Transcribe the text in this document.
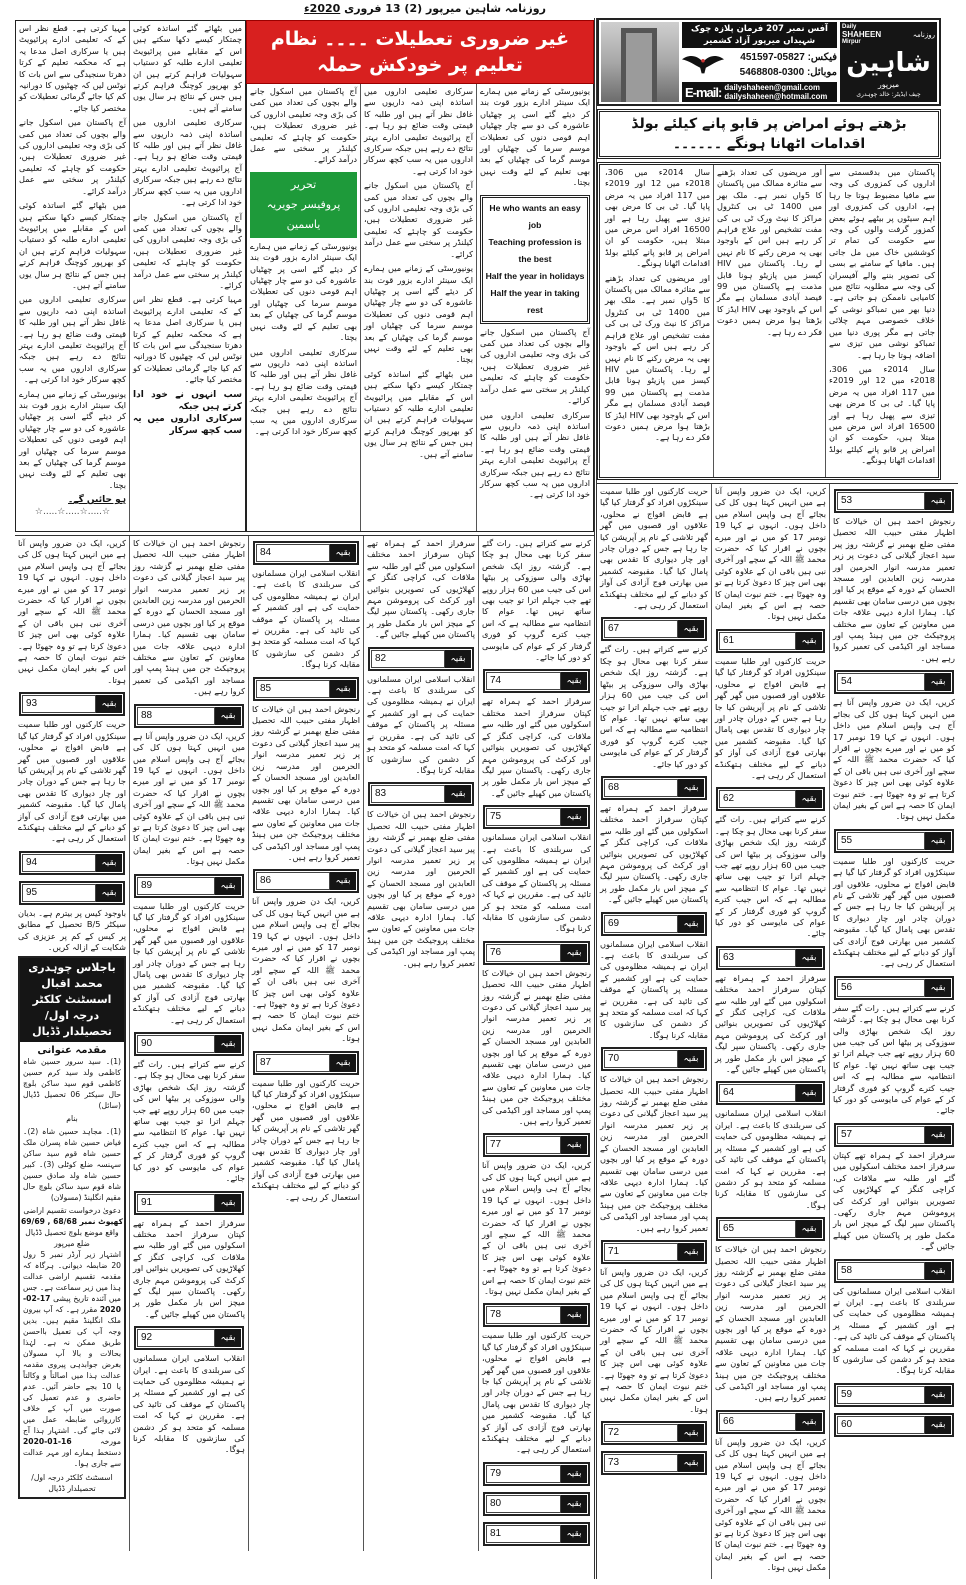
روزنامہ شاہین میرپور (2) 13 فروری 2020ء

میں بٹھائے گئے اساتذہ کوئی چمتکار کیسے دکھا سکتے ہیں اس کے مقابلے میں پرائیویٹ تعلیمی ادارے طلبہ کو دستیاب سہولیات فراہم کرتے ہیں ان کو بھرپور کوچنگ فراہم کرتے ہیں جس کے نتائج ہر سال یوں سامنے آتے ہیں۔

سرکاری تعلیمی اداروں میں اساتذہ اپنی ذمہ داریوں سے غافل نظر آتے ہیں اور طلبہ کا قیمتی وقت ضائع ہو رہا ہے۔ آج پرائیویٹ تعلیمی ادارے بہتر نتائج دے رہے ہیں جبکہ سرکاری اداروں میں یہ سب کچھ سرکار خود ادا کرتی ہے۔

آج پاکستان میں اسکول جانے والے بچوں کی تعداد میں کمی کی بڑی وجہ تعلیمی اداروں کی غیر ضروری تعطیلات ہیں، حکومت کو چاہئے کہ تعلیمی کیلنڈر پر سختی سے عمل درآمد کرائے۔

مہیا کرتی ہے۔ قطع نظر اس کے کہ تعلیمی ادارے پرائیویٹ ہیں یا سرکاری اصل مدعا یہ ہے کہ محکمہ تعلیم کے کرتا دھرتا سنجیدگی سے اس بات کا نوٹس لیں کہ چھٹیوں کا دورانیہ کم کیا جائے گرمائی تعطیلات کو مختصر کیا جائے۔

سب انہوں نے خود ادا کرتے ہیں جبکہ
سرکاری اداروں میں یہ سب کچھ سرکار

مہیا کرتی ہے۔ قطع نظر اس کے کہ تعلیمی ادارے پرائیویٹ ہیں یا سرکاری اصل مدعا یہ ہے کہ محکمہ تعلیم کے کرتا دھرتا سنجیدگی سے اس بات کا نوٹس لیں کہ چھٹیوں کا دورانیہ کم کیا جائے گرمائی تعطیلات کو مختصر کیا جائے۔

آج پاکستان میں اسکول جانے والے بچوں کی تعداد میں کمی کی بڑی وجہ تعلیمی اداروں کی غیر ضروری تعطیلات ہیں، حکومت کو چاہئے کہ تعلیمی کیلنڈر پر سختی سے عمل درآمد کرائے۔

میں بٹھائے گئے اساتذہ کوئی چمتکار کیسے دکھا سکتے ہیں اس کے مقابلے میں پرائیویٹ تعلیمی ادارے طلبہ کو دستیاب سہولیات فراہم کرتے ہیں ان کو بھرپور کوچنگ فراہم کرتے ہیں جس کے نتائج ہر سال یوں سامنے آتے ہیں۔

سرکاری تعلیمی اداروں میں اساتذہ اپنی ذمہ داریوں سے غافل نظر آتے ہیں اور طلبہ کا قیمتی وقت ضائع ہو رہا ہے۔ آج پرائیویٹ تعلیمی ادارے بہتر نتائج دے رہے ہیں جبکہ سرکاری اداروں میں یہ سب کچھ سرکار خود ادا کرتی ہے۔

یونیورسٹی کے زمانے میں ہمارے ایک سینئر ادارے بزور قوت بند کر دیئے گئے اسی پر چھٹیاں عاشورہ کی دو سے چار چھٹیاں اہم قومی دنوں کی تعطیلات موسم سرما کی چھٹیاں اور موسم گرما کی چھٹیاں کے بعد بھی تعلیم کے لئے وقت نہیں بچتا۔

ہو جائیں گے۔
☆.....☆.....☆.....☆
غیر ضروری تعطیلات ۔۔۔۔ نظام تعلیم پر خودکش حملہ

یونیورسٹی کے زمانے میں ہمارے ایک سینئر ادارے بزور قوت بند کر دیئے گئے اسی پر چھٹیاں عاشورہ کی دو سے چار چھٹیاں اہم قومی دنوں کی تعطیلات موسم سرما کی چھٹیاں اور موسم گرما کی چھٹیاں کے بعد بھی تعلیم کے لئے وقت نہیں بچتا۔

He who wants an easy job
Teaching profession is the best
Half the year in holidays
Half the year in taking rest

آج پاکستان میں اسکول جانے والے بچوں کی تعداد میں کمی کی بڑی وجہ تعلیمی اداروں کی غیر ضروری تعطیلات ہیں، حکومت کو چاہئے کہ تعلیمی کیلنڈر پر سختی سے عمل درآمد کرائے۔

سرکاری تعلیمی اداروں میں اساتذہ اپنی ذمہ داریوں سے غافل نظر آتے ہیں اور طلبہ کا قیمتی وقت ضائع ہو رہا ہے۔ آج پرائیویٹ تعلیمی ادارے بہتر نتائج دے رہے ہیں جبکہ سرکاری اداروں میں یہ سب کچھ سرکار خود ادا کرتی ہے۔

سرکاری تعلیمی اداروں میں اساتذہ اپنی ذمہ داریوں سے غافل نظر آتے ہیں اور طلبہ کا قیمتی وقت ضائع ہو رہا ہے۔ آج پرائیویٹ تعلیمی ادارے بہتر نتائج دے رہے ہیں جبکہ سرکاری اداروں میں یہ سب کچھ سرکار خود ادا کرتی ہے۔

آج پاکستان میں اسکول جانے والے بچوں کی تعداد میں کمی کی بڑی وجہ تعلیمی اداروں کی غیر ضروری تعطیلات ہیں، حکومت کو چاہئے کہ تعلیمی کیلنڈر پر سختی سے عمل درآمد کرائے۔

یونیورسٹی کے زمانے میں ہمارے ایک سینئر ادارے بزور قوت بند کر دیئے گئے اسی پر چھٹیاں عاشورہ کی دو سے چار چھٹیاں اہم قومی دنوں کی تعطیلات موسم سرما کی چھٹیاں اور موسم گرما کی چھٹیاں کے بعد بھی تعلیم کے لئے وقت نہیں بچتا۔

میں بٹھائے گئے اساتذہ کوئی چمتکار کیسے دکھا سکتے ہیں اس کے مقابلے میں پرائیویٹ تعلیمی ادارے طلبہ کو دستیاب سہولیات فراہم کرتے ہیں ان کو بھرپور کوچنگ فراہم کرتے ہیں جس کے نتائج ہر سال یوں سامنے آتے ہیں۔

آج پاکستان میں اسکول جانے والے بچوں کی تعداد میں کمی کی بڑی وجہ تعلیمی اداروں کی غیر ضروری تعطیلات ہیں، حکومت کو چاہئے کہ تعلیمی کیلنڈر پر سختی سے عمل درآمد کرائے۔

تحریر
پروفیسر جویریہ یاسمین

یونیورسٹی کے زمانے میں ہمارے ایک سینئر ادارے بزور قوت بند کر دیئے گئے اسی پر چھٹیاں عاشورہ کی دو سے چار چھٹیاں اہم قومی دنوں کی تعطیلات موسم سرما کی چھٹیاں اور موسم گرما کی چھٹیاں کے بعد بھی تعلیم کے لئے وقت نہیں بچتا۔

سرکاری تعلیمی اداروں میں اساتذہ اپنی ذمہ داریوں سے غافل نظر آتے ہیں اور طلبہ کا قیمتی وقت ضائع ہو رہا ہے۔ آج پرائیویٹ تعلیمی ادارے بہتر نتائج دے رہے ہیں جبکہ سرکاری اداروں میں یہ سب کچھ سرکار خود ادا کرتی ہے۔

کرنے سے کتراتے ہیں۔ رات گئے سفر کرنا بھی محال ہو چکا ہے۔ گزشتہ روز ایک شخص بھاڑی والی سوزوکی پر بیٹھا اس کی جیب میں 60 ہزار روپے تھے جب جہلم اترا تو جیب بھی ساتھ نہیں تھا۔ عوام کا انتظامیہ سے مطالبہ ہے کہ اس جیب کترے گروپ کو فوری گرفتار کر کے عوام کی مایوسی کو دور کیا جائے۔

74	بقیہ

سرفراز احمد کے ہمراہ تھے کپتان سرفراز احمد مختلف اسکولوں میں گئے اور طلبہ سے ملاقات کی، کراچی کنگز کے کھلاڑیوں کی تصویریں بنوائیں اور کرکٹ کی پروموشن مہم جاری رکھی۔ پاکستان سپر لیگ کے میچز اس بار مکمل طور پر پاکستان میں کھیلے جائیں گے۔

75	بقیہ

انقلاب اسلامی ایران مسلمانوں کی سربلندی کا باعث ہے۔ ایران نے ہمیشہ مظلوموں کی حمایت کی ہے اور کشمیر کے مسئلہ پر پاکستان کے موقف کی تائید کی ہے۔ مقررین نے کہا کہ امت مسلمہ کو متحد ہو کر دشمن کی سازشوں کا مقابلہ کرنا ہوگا۔

76	بقیہ

رنجوش احمد ہیں ان خیالات کا اظہار مفتی حبیب اللہ تحصیل مفتی ضلع بھمبر نے گزشتہ روز پیر سید اعجاز گیلانی کی دعوت پر زیر تعمیر مدرسہ انوار الحرمین اور مدرسہ زین العابدین اور مسجد الحسان کے دورہ کے موقع پر کیا اور بچوں میں درسی سامان بھی تقسیم کیا۔ ہمارا ادارہ دیہی علاقہ جات میں معاونین کے تعاون سے مختلف پروجیکٹ جن میں ہینڈ پمپ اور مساجد اور اکیڈمی کی تعمیر کروا رہے ہیں۔

77	بقیہ

کریں، ایک دن ضرور واپس آنا ہے میں انہیں کہتا ہوں کل کی بجائے آج ہی واپس اسلام میں داخل ہوں۔ انہوں نے کہا 19 نومبر 17 کو میں نے اور میرے بچوں نے اقرار کیا کہ حضرت محمد ﷺ اللہ کے سچے اور آخری نبی ہیں باقی ان کے علاوہ کوئی بھی اس چیز کا دعویٰ کرتا ہے تو وہ جھوٹا ہے۔ ختم نبوت ایمان کا حصہ ہے اس کے بغیر ایمان مکمل نہیں ہوتا۔

78	بقیہ

حریت کارکنوں اور طلبا سمیت سینکڑوں افراد کو گرفتار کیا گیا ہے قابض افواج نے محلوں، علاقوں اور قصبوں میں گھر گھر تلاشی کے نام پر آپریشن کیا جا رہا ہے جس کے دوران چادر اور چار دیواری کا تقدس بھی پامال کیا گیا۔ مقبوضہ کشمیر میں بھارتی فوج آزادی کی آواز کو دبانے کے لیے مختلف ہتھکنڈے استعمال کر رہی ہے۔

79	بقیہ
80	بقیہ
81	بقیہ

سرفراز احمد کے ہمراہ تھے کپتان سرفراز احمد مختلف اسکولوں میں گئے اور طلبہ سے ملاقات کی، کراچی کنگز کے کھلاڑیوں کی تصویریں بنوائیں اور کرکٹ کی پروموشن مہم جاری رکھی۔ پاکستان سپر لیگ کے میچز اس بار مکمل طور پر پاکستان میں کھیلے جائیں گے۔

82	بقیہ

انقلاب اسلامی ایران مسلمانوں کی سربلندی کا باعث ہے۔ ایران نے ہمیشہ مظلوموں کی حمایت کی ہے اور کشمیر کے مسئلہ پر پاکستان کے موقف کی تائید کی ہے۔ مقررین نے کہا کہ امت مسلمہ کو متحد ہو کر دشمن کی سازشوں کا مقابلہ کرنا ہوگا۔

83	بقیہ

رنجوش احمد ہیں ان خیالات کا اظہار مفتی حبیب اللہ تحصیل مفتی ضلع بھمبر نے گزشتہ روز پیر سید اعجاز گیلانی کی دعوت پر زیر تعمیر مدرسہ انوار الحرمین اور مدرسہ زین العابدین اور مسجد الحسان کے دورہ کے موقع پر کیا اور بچوں میں درسی سامان بھی تقسیم کیا۔ ہمارا ادارہ دیہی علاقہ جات میں معاونین کے تعاون سے مختلف پروجیکٹ جن میں ہینڈ پمپ اور مساجد اور اکیڈمی کی تعمیر کروا رہے ہیں۔

84	بقیہ

انقلاب اسلامی ایران مسلمانوں کی سربلندی کا باعث ہے۔ ایران نے ہمیشہ مظلوموں کی حمایت کی ہے اور کشمیر کے مسئلہ پر پاکستان کے موقف کی تائید کی ہے۔ مقررین نے کہا کہ امت مسلمہ کو متحد ہو کر دشمن کی سازشوں کا مقابلہ کرنا ہوگا۔

85	بقیہ

رنجوش احمد ہیں ان خیالات کا اظہار مفتی حبیب اللہ تحصیل مفتی ضلع بھمبر نے گزشتہ روز پیر سید اعجاز گیلانی کی دعوت پر زیر تعمیر مدرسہ انوار الحرمین اور مدرسہ زین العابدین اور مسجد الحسان کے دورہ کے موقع پر کیا اور بچوں میں درسی سامان بھی تقسیم کیا۔ ہمارا ادارہ دیہی علاقہ جات میں معاونین کے تعاون سے مختلف پروجیکٹ جن میں ہینڈ پمپ اور مساجد اور اکیڈمی کی تعمیر کروا رہے ہیں۔

86	بقیہ

کریں، ایک دن ضرور واپس آنا ہے میں انہیں کہتا ہوں کل کی بجائے آج ہی واپس اسلام میں داخل ہوں۔ انہوں نے کہا 19 نومبر 17 کو میں نے اور میرے بچوں نے اقرار کیا کہ حضرت محمد ﷺ اللہ کے سچے اور آخری نبی ہیں باقی ان کے علاوہ کوئی بھی اس چیز کا دعویٰ کرتا ہے تو وہ جھوٹا ہے۔ ختم نبوت ایمان کا حصہ ہے اس کے بغیر ایمان مکمل نہیں ہوتا۔

87	بقیہ

حریت کارکنوں اور طلبا سمیت سینکڑوں افراد کو گرفتار کیا گیا ہے قابض افواج نے محلوں، علاقوں اور قصبوں میں گھر گھر تلاشی کے نام پر آپریشن کیا جا رہا ہے جس کے دوران چادر اور چار دیواری کا تقدس بھی پامال کیا گیا۔ مقبوضہ کشمیر میں بھارتی فوج آزادی کی آواز کو دبانے کے لیے مختلف ہتھکنڈے استعمال کر رہی ہے۔

رنجوش احمد ہیں ان خیالات کا اظہار مفتی حبیب اللہ تحصیل مفتی ضلع بھمبر نے گزشتہ روز پیر سید اعجاز گیلانی کی دعوت پر زیر تعمیر مدرسہ انوار الحرمین اور مدرسہ زین العابدین اور مسجد الحسان کے دورہ کے موقع پر کیا اور بچوں میں درسی سامان بھی تقسیم کیا۔ ہمارا ادارہ دیہی علاقہ جات میں معاونین کے تعاون سے مختلف پروجیکٹ جن میں ہینڈ پمپ اور مساجد اور اکیڈمی کی تعمیر کروا رہے ہیں۔

88	بقیہ

کریں، ایک دن ضرور واپس آنا ہے میں انہیں کہتا ہوں کل کی بجائے آج ہی واپس اسلام میں داخل ہوں۔ انہوں نے کہا 19 نومبر 17 کو میں نے اور میرے بچوں نے اقرار کیا کہ حضرت محمد ﷺ اللہ کے سچے اور آخری نبی ہیں باقی ان کے علاوہ کوئی بھی اس چیز کا دعویٰ کرتا ہے تو وہ جھوٹا ہے۔ ختم نبوت ایمان کا حصہ ہے اس کے بغیر ایمان مکمل نہیں ہوتا۔

89	بقیہ

حریت کارکنوں اور طلبا سمیت سینکڑوں افراد کو گرفتار کیا گیا ہے قابض افواج نے محلوں، علاقوں اور قصبوں میں گھر گھر تلاشی کے نام پر آپریشن کیا جا رہا ہے جس کے دوران چادر اور چار دیواری کا تقدس بھی پامال کیا گیا۔ مقبوضہ کشمیر میں بھارتی فوج آزادی کی آواز کو دبانے کے لیے مختلف ہتھکنڈے استعمال کر رہی ہے۔

90	بقیہ

کرنے سے کتراتے ہیں۔ رات گئے سفر کرنا بھی محال ہو چکا ہے۔ گزشتہ روز ایک شخص بھاڑی والی سوزوکی پر بیٹھا اس کی جیب میں 60 ہزار روپے تھے جب جہلم اترا تو جیب بھی ساتھ نہیں تھا۔ عوام کا انتظامیہ سے مطالبہ ہے کہ اس جیب کترے گروپ کو فوری گرفتار کر کے عوام کی مایوسی کو دور کیا جائے۔

91	بقیہ

سرفراز احمد کے ہمراہ تھے کپتان سرفراز احمد مختلف اسکولوں میں گئے اور طلبہ سے ملاقات کی، کراچی کنگز کے کھلاڑیوں کی تصویریں بنوائیں اور کرکٹ کی پروموشن مہم جاری رکھی۔ پاکستان سپر لیگ کے میچز اس بار مکمل طور پر پاکستان میں کھیلے جائیں گے۔

92	بقیہ

انقلاب اسلامی ایران مسلمانوں کی سربلندی کا باعث ہے۔ ایران نے ہمیشہ مظلوموں کی حمایت کی ہے اور کشمیر کے مسئلہ پر پاکستان کے موقف کی تائید کی ہے۔ مقررین نے کہا کہ امت مسلمہ کو متحد ہو کر دشمن کی سازشوں کا مقابلہ کرنا ہوگا۔

کریں، ایک دن ضرور واپس آنا ہے میں انہیں کہتا ہوں کل کی بجائے آج ہی واپس اسلام میں داخل ہوں۔ انہوں نے کہا 19 نومبر 17 کو میں نے اور میرے بچوں نے اقرار کیا کہ حضرت محمد ﷺ اللہ کے سچے اور آخری نبی ہیں باقی ان کے علاوہ کوئی بھی اس چیز کا دعویٰ کرتا ہے تو وہ جھوٹا ہے۔ ختم نبوت ایمان کا حصہ ہے اس کے بغیر ایمان مکمل نہیں ہوتا۔

93	بقیہ

حریت کارکنوں اور طلبا سمیت سینکڑوں افراد کو گرفتار کیا گیا ہے قابض افواج نے محلوں، علاقوں اور قصبوں میں گھر گھر تلاشی کے نام پر آپریشن کیا جا رہا ہے جس کے دوران چادر اور چار دیواری کا تقدس بھی پامال کیا گیا۔ مقبوضہ کشمیر میں بھارتی فوج آزادی کی آواز کو دبانے کے لیے مختلف ہتھکنڈے استعمال کر رہی ہے۔

94	بقیہ
95	بقیہ
باوجود کیس پر بیترم ہے۔ بدیان سیکٹر B/5 تحصیل کے مطابق پر کیس کے کم پر عزیزی کی شکایت کے ازالہ کریں۔
باجلاس چوہدری محمد اقبال اسسٹنٹ کلکٹر درجہ اول/تحصیلدار ڈڈیال
مقدمہ عنوانی
(1)۔ سید سرور حسین شاہ کاظمی ولد سید کرم حسین کاظمی قوم سید ساکن بلوچ حال سیکٹر 06 تحصیل ڈڈیال (سائل)
بنام
(1)۔ مجاہد حسین شاہ (2)۔ فیاض حسین شاہ پسران ملک حسین شاہ قوم سید ساکن سہنسہ ضلع کوٹلی (3)۔ کبیر حسین شاہ ولد صادق حسین شاہ قوم سید ساکن بلوچ حال مقیم انگلینڈ (مسولان)
دعویٰ درخواست تقسیم اراضی
کھیوٹ نمبر 68/68 , 69/69
واقع موضع بلوچ تحصیل ڈڈیال ضلع میرپور
اشتہار زیر آرڈر نمبر 5 رول 20 ضابطہ دیوانی۔ ہرگاہ کہ مقدمہ تقسیم اراضی عدالت ہذا میں زیر سماعت ہے۔ جس میں آئندہ تاریخ پیشی 17-02-2020 مقرر ہے۔ کہ آپ بیرون ملک انگلینڈ مقیم ہیں۔ بدیں وجہ آپ کی تعمیل بااحسن طریق ممکن نہ ہے۔ لہٰذا بحالات و بالا آپ مسولان بغرض جوابدہی پیروی مقدمہ عدالت ہذا میں اصالتاً و وکالتاً یا 10 بجے حاضر آئیں۔ عدم حاضری و عدم تعمیل کی صورت میں آپ کے خلاف کارروائی ضابطہ عمل میں لائی جائے گی۔ اشتہار ہذا آج مورخہ 16-01-2020 دستخط ہمارے اور مہر عدالت سے جاری ہوا۔
اسسٹنٹ کلکٹر درجہ اول/تحصیلدار ڈڈیال
آفس نمبر 207 فرمان پلازہ چوک شہیداں میرپور آزاد کشمیر
فیکس: 05827-451597
موبائل: 0300-5468808
E-mail: dailyshaheen@gmail.com
dailyshaheen@hotmail.com
Daily
SHAHEEN
Mirpur
روزنامہ
شاہین
میرپور
چیف ایڈیٹر: خالد چوہدری
بڑھتے ہوئے امراض پر قابو پانے کیلئے بولڈ اقدامات اٹھانا ہونگے ۔۔۔۔۔۔

پاکستان میں بدقسمتی سے اداروں کی کمزوری کی وجہ سے مافیا مضبوط ہوتا جا رہا ہے، اداروں کی کمزوری اور اہم سیٹوں پر بیٹھے ہوئے بعض کمزور گرفت والوں کی وجہ سے حکومت کی تمام تر کوششیں خاک میں مل جاتی ہیں۔ مافیا کے سامنے بے بسی کی تصویر بننے والے آفیسران کی وجہ سے مطلوبہ نتائج میں کامیابی ناممکن ہو جاتی ہے۔ دنیا بھر میں تمباکو نوشی کے خلاف خصوصی مہم چلائی جاتی ہے مگر پوری دنیا میں تمباکو نوشی میں تیزی سے اضافہ ہوتا جا رہا ہے۔

سال 2014ء میں 306، 2018ء میں 12 اور 2019ء میں 117 افراد میں یہ مرض پایا گیا۔ ٹی بی کا مرض بھی تیزی سے پھیل رہا ہے اور 16500 افراد اس مرض میں مبتلا ہیں، حکومت کو ان امراض پر قابو پانے کیلئے بولڈ اقدامات اٹھانا ہونگے۔

اور مریضوں کی تعداد بڑھنے سے متاثرہ ممالک میں پاکستان کا 5واں نمبر ہے۔ ملک بھر میں 1400 ٹی بی کنٹرول مراکز کا نیٹ ورک ٹی بی کی مفت تشخیص اور علاج فراہم کر رہے ہیں اس کے باوجود بھی یہ مرض رکنے کا نام نہیں لے رہا۔ پاکستان میں HIV کیسز میں پازیٹو ہونا قابل مذمت ہے پاکستان میں 99 فیصد آبادی مسلمان ہے مگر اس کے باوجود بھی HIV ایڈز کا بڑھتا ہوا مرض ہمیں دعوت فکر دے رہا ہے۔

سال 2014ء میں 306، 2018ء میں 12 اور 2019ء میں 117 افراد میں یہ مرض پایا گیا۔ ٹی بی کا مرض بھی تیزی سے پھیل رہا ہے اور 16500 افراد اس مرض میں مبتلا ہیں، حکومت کو ان امراض پر قابو پانے کیلئے بولڈ اقدامات اٹھانا ہونگے۔

اور مریضوں کی تعداد بڑھنے سے متاثرہ ممالک میں پاکستان کا 5واں نمبر ہے۔ ملک بھر میں 1400 ٹی بی کنٹرول مراکز کا نیٹ ورک ٹی بی کی مفت تشخیص اور علاج فراہم کر رہے ہیں اس کے باوجود بھی یہ مرض رکنے کا نام نہیں لے رہا۔ پاکستان میں HIV کیسز میں پازیٹو ہونا قابل مذمت ہے پاکستان میں 99 فیصد آبادی مسلمان ہے مگر اس کے باوجود بھی HIV ایڈز کا بڑھتا ہوا مرض ہمیں دعوت فکر دے رہا ہے۔

53	بقیہ

رنجوش احمد ہیں ان خیالات کا اظہار مفتی حبیب اللہ تحصیل مفتی ضلع بھمبر نے گزشتہ روز پیر سید اعجاز گیلانی کی دعوت پر زیر تعمیر مدرسہ انوار الحرمین اور مدرسہ زین العابدین اور مسجد الحسان کے دورہ کے موقع پر کیا اور بچوں میں درسی سامان بھی تقسیم کیا۔ ہمارا ادارہ دیہی علاقہ جات میں معاونین کے تعاون سے مختلف پروجیکٹ جن میں ہینڈ پمپ اور مساجد اور اکیڈمی کی تعمیر کروا رہے ہیں۔

54	بقیہ

کریں، ایک دن ضرور واپس آنا ہے میں انہیں کہتا ہوں کل کی بجائے آج ہی واپس اسلام میں داخل ہوں۔ انہوں نے کہا 19 نومبر 17 کو میں نے اور میرے بچوں نے اقرار کیا کہ حضرت محمد ﷺ اللہ کے سچے اور آخری نبی ہیں باقی ان کے علاوہ کوئی بھی اس چیز کا دعویٰ کرتا ہے تو وہ جھوٹا ہے۔ ختم نبوت ایمان کا حصہ ہے اس کے بغیر ایمان مکمل نہیں ہوتا۔

55	بقیہ

حریت کارکنوں اور طلبا سمیت سینکڑوں افراد کو گرفتار کیا گیا ہے قابض افواج نے محلوں، علاقوں اور قصبوں میں گھر گھر تلاشی کے نام پر آپریشن کیا جا رہا ہے جس کے دوران چادر اور چار دیواری کا تقدس بھی پامال کیا گیا۔ مقبوضہ کشمیر میں بھارتی فوج آزادی کی آواز کو دبانے کے لیے مختلف ہتھکنڈے استعمال کر رہی ہے۔

56	بقیہ

کرنے سے کتراتے ہیں۔ رات گئے سفر کرنا بھی محال ہو چکا ہے۔ گزشتہ روز ایک شخص بھاڑی والی سوزوکی پر بیٹھا اس کی جیب میں 60 ہزار روپے تھے جب جہلم اترا تو جیب بھی ساتھ نہیں تھا۔ عوام کا انتظامیہ سے مطالبہ ہے کہ اس جیب کترے گروپ کو فوری گرفتار کر کے عوام کی مایوسی کو دور کیا جائے۔

57	بقیہ

سرفراز احمد کے ہمراہ تھے کپتان سرفراز احمد مختلف اسکولوں میں گئے اور طلبہ سے ملاقات کی، کراچی کنگز کے کھلاڑیوں کی تصویریں بنوائیں اور کرکٹ کی پروموشن مہم جاری رکھی۔ پاکستان سپر لیگ کے میچز اس بار مکمل طور پر پاکستان میں کھیلے جائیں گے۔

58	بقیہ

انقلاب اسلامی ایران مسلمانوں کی سربلندی کا باعث ہے۔ ایران نے ہمیشہ مظلوموں کی حمایت کی ہے اور کشمیر کے مسئلہ پر پاکستان کے موقف کی تائید کی ہے۔ مقررین نے کہا کہ امت مسلمہ کو متحد ہو کر دشمن کی سازشوں کا مقابلہ کرنا ہوگا۔

59	بقیہ
60	بقیہ

کریں، ایک دن ضرور واپس آنا ہے میں انہیں کہتا ہوں کل کی بجائے آج ہی واپس اسلام میں داخل ہوں۔ انہوں نے کہا 19 نومبر 17 کو میں نے اور میرے بچوں نے اقرار کیا کہ حضرت محمد ﷺ اللہ کے سچے اور آخری نبی ہیں باقی ان کے علاوہ کوئی بھی اس چیز کا دعویٰ کرتا ہے تو وہ جھوٹا ہے۔ ختم نبوت ایمان کا حصہ ہے اس کے بغیر ایمان مکمل نہیں ہوتا۔

61	بقیہ

حریت کارکنوں اور طلبا سمیت سینکڑوں افراد کو گرفتار کیا گیا ہے قابض افواج نے محلوں، علاقوں اور قصبوں میں گھر گھر تلاشی کے نام پر آپریشن کیا جا رہا ہے جس کے دوران چادر اور چار دیواری کا تقدس بھی پامال کیا گیا۔ مقبوضہ کشمیر میں بھارتی فوج آزادی کی آواز کو دبانے کے لیے مختلف ہتھکنڈے استعمال کر رہی ہے۔

62	بقیہ

کرنے سے کتراتے ہیں۔ رات گئے سفر کرنا بھی محال ہو چکا ہے۔ گزشتہ روز ایک شخص بھاڑی والی سوزوکی پر بیٹھا اس کی جیب میں 60 ہزار روپے تھے جب جہلم اترا تو جیب بھی ساتھ نہیں تھا۔ عوام کا انتظامیہ سے مطالبہ ہے کہ اس جیب کترے گروپ کو فوری گرفتار کر کے عوام کی مایوسی کو دور کیا جائے۔

63	بقیہ

سرفراز احمد کے ہمراہ تھے کپتان سرفراز احمد مختلف اسکولوں میں گئے اور طلبہ سے ملاقات کی، کراچی کنگز کے کھلاڑیوں کی تصویریں بنوائیں اور کرکٹ کی پروموشن مہم جاری رکھی۔ پاکستان سپر لیگ کے میچز اس بار مکمل طور پر پاکستان میں کھیلے جائیں گے۔

64	بقیہ

انقلاب اسلامی ایران مسلمانوں کی سربلندی کا باعث ہے۔ ایران نے ہمیشہ مظلوموں کی حمایت کی ہے اور کشمیر کے مسئلہ پر پاکستان کے موقف کی تائید کی ہے۔ مقررین نے کہا کہ امت مسلمہ کو متحد ہو کر دشمن کی سازشوں کا مقابلہ کرنا ہوگا۔

65	بقیہ

رنجوش احمد ہیں ان خیالات کا اظہار مفتی حبیب اللہ تحصیل مفتی ضلع بھمبر نے گزشتہ روز پیر سید اعجاز گیلانی کی دعوت پر زیر تعمیر مدرسہ انوار الحرمین اور مدرسہ زین العابدین اور مسجد الحسان کے دورہ کے موقع پر کیا اور بچوں میں درسی سامان بھی تقسیم کیا۔ ہمارا ادارہ دیہی علاقہ جات میں معاونین کے تعاون سے مختلف پروجیکٹ جن میں ہینڈ پمپ اور مساجد اور اکیڈمی کی تعمیر کروا رہے ہیں۔

66	بقیہ

کریں، ایک دن ضرور واپس آنا ہے میں انہیں کہتا ہوں کل کی بجائے آج ہی واپس اسلام میں داخل ہوں۔ انہوں نے کہا 19 نومبر 17 کو میں نے اور میرے بچوں نے اقرار کیا کہ حضرت محمد ﷺ اللہ کے سچے اور آخری نبی ہیں باقی ان کے علاوہ کوئی بھی اس چیز کا دعویٰ کرتا ہے تو وہ جھوٹا ہے۔ ختم نبوت ایمان کا حصہ ہے اس کے بغیر ایمان مکمل نہیں ہوتا۔

حریت کارکنوں اور طلبا سمیت سینکڑوں افراد کو گرفتار کیا گیا ہے قابض افواج نے محلوں، علاقوں اور قصبوں میں گھر گھر تلاشی کے نام پر آپریشن کیا جا رہا ہے جس کے دوران چادر اور چار دیواری کا تقدس بھی پامال کیا گیا۔ مقبوضہ کشمیر میں بھارتی فوج آزادی کی آواز کو دبانے کے لیے مختلف ہتھکنڈے استعمال کر رہی ہے۔

67	بقیہ

کرنے سے کتراتے ہیں۔ رات گئے سفر کرنا بھی محال ہو چکا ہے۔ گزشتہ روز ایک شخص بھاڑی والی سوزوکی پر بیٹھا اس کی جیب میں 60 ہزار روپے تھے جب جہلم اترا تو جیب بھی ساتھ نہیں تھا۔ عوام کا انتظامیہ سے مطالبہ ہے کہ اس جیب کترے گروپ کو فوری گرفتار کر کے عوام کی مایوسی کو دور کیا جائے۔

68	بقیہ

سرفراز احمد کے ہمراہ تھے کپتان سرفراز احمد مختلف اسکولوں میں گئے اور طلبہ سے ملاقات کی، کراچی کنگز کے کھلاڑیوں کی تصویریں بنوائیں اور کرکٹ کی پروموشن مہم جاری رکھی۔ پاکستان سپر لیگ کے میچز اس بار مکمل طور پر پاکستان میں کھیلے جائیں گے۔

69	بقیہ

انقلاب اسلامی ایران مسلمانوں کی سربلندی کا باعث ہے۔ ایران نے ہمیشہ مظلوموں کی حمایت کی ہے اور کشمیر کے مسئلہ پر پاکستان کے موقف کی تائید کی ہے۔ مقررین نے کہا کہ امت مسلمہ کو متحد ہو کر دشمن کی سازشوں کا مقابلہ کرنا ہوگا۔

70	بقیہ

رنجوش احمد ہیں ان خیالات کا اظہار مفتی حبیب اللہ تحصیل مفتی ضلع بھمبر نے گزشتہ روز پیر سید اعجاز گیلانی کی دعوت پر زیر تعمیر مدرسہ انوار الحرمین اور مدرسہ زین العابدین اور مسجد الحسان کے دورہ کے موقع پر کیا اور بچوں میں درسی سامان بھی تقسیم کیا۔ ہمارا ادارہ دیہی علاقہ جات میں معاونین کے تعاون سے مختلف پروجیکٹ جن میں ہینڈ پمپ اور مساجد اور اکیڈمی کی تعمیر کروا رہے ہیں۔

71	بقیہ

کریں، ایک دن ضرور واپس آنا ہے میں انہیں کہتا ہوں کل کی بجائے آج ہی واپس اسلام میں داخل ہوں۔ انہوں نے کہا 19 نومبر 17 کو میں نے اور میرے بچوں نے اقرار کیا کہ حضرت محمد ﷺ اللہ کے سچے اور آخری نبی ہیں باقی ان کے علاوہ کوئی بھی اس چیز کا دعویٰ کرتا ہے تو وہ جھوٹا ہے۔ ختم نبوت ایمان کا حصہ ہے اس کے بغیر ایمان مکمل نہیں ہوتا۔

72	بقیہ
73	بقیہ
